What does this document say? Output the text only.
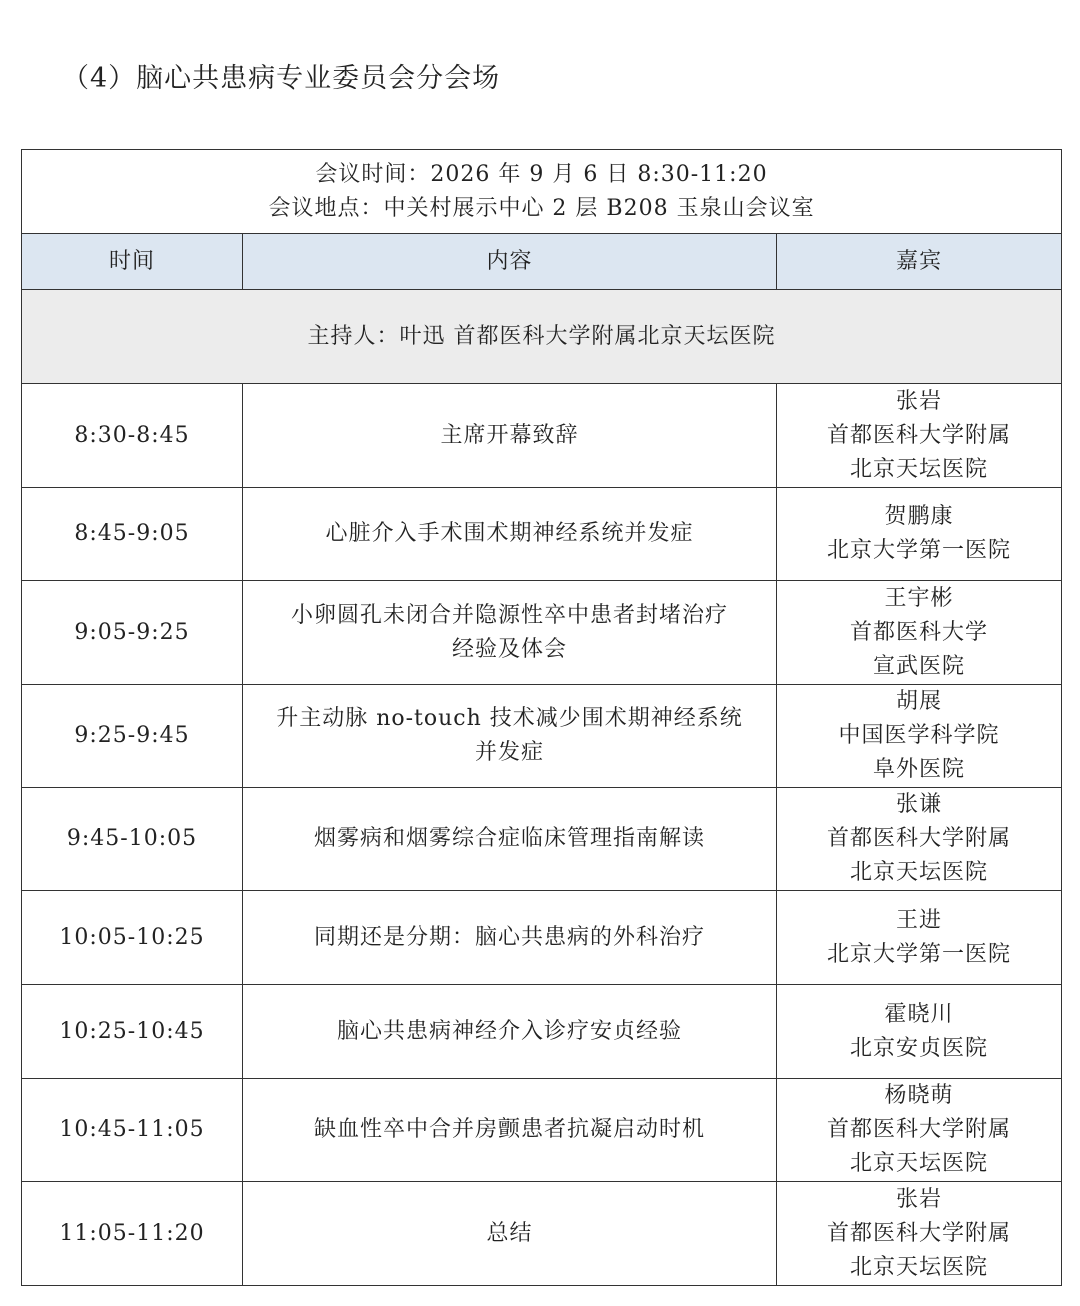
（4）脑心共患病专业委员会分会场
会议时间：2026 年 9 月 6 日 8:30-11:20
会议地点：中关村展示中心 2 层 B208 玉泉山会议室		

时间	内容	嘉宾
主持人：叶迅 首都医科大学附属北京天坛医院		
8:30-8:45	主席开幕致辞	张岩
首都医科大学附属
北京天坛医院

8:45-9:05	心脏介入手术围术期神经系统并发症	贺鹏康
北京大学第一医院

9:05-9:25	小卵圆孔未闭合并隐源性卒中患者封堵治疗
经验及体会	王宇彬
首都医科大学
宣武医院

9:25-9:45	升主动脉 no-touch 技术减少围术期神经系统
并发症	胡展
中国医学科学院
阜外医院

9:45-10:05	烟雾病和烟雾综合症临床管理指南解读	张谦
首都医科大学附属
北京天坛医院

10:05-10:25	同期还是分期：脑心共患病的外科治疗	王进
北京大学第一医院

10:25-10:45	脑心共患病神经介入诊疗安贞经验	霍晓川
北京安贞医院

10:45-11:05	缺血性卒中合并房颤患者抗凝启动时机	杨晓萌
首都医科大学附属
北京天坛医院

11:05-11:20	总结	张岩
首都医科大学附属
北京天坛医院
